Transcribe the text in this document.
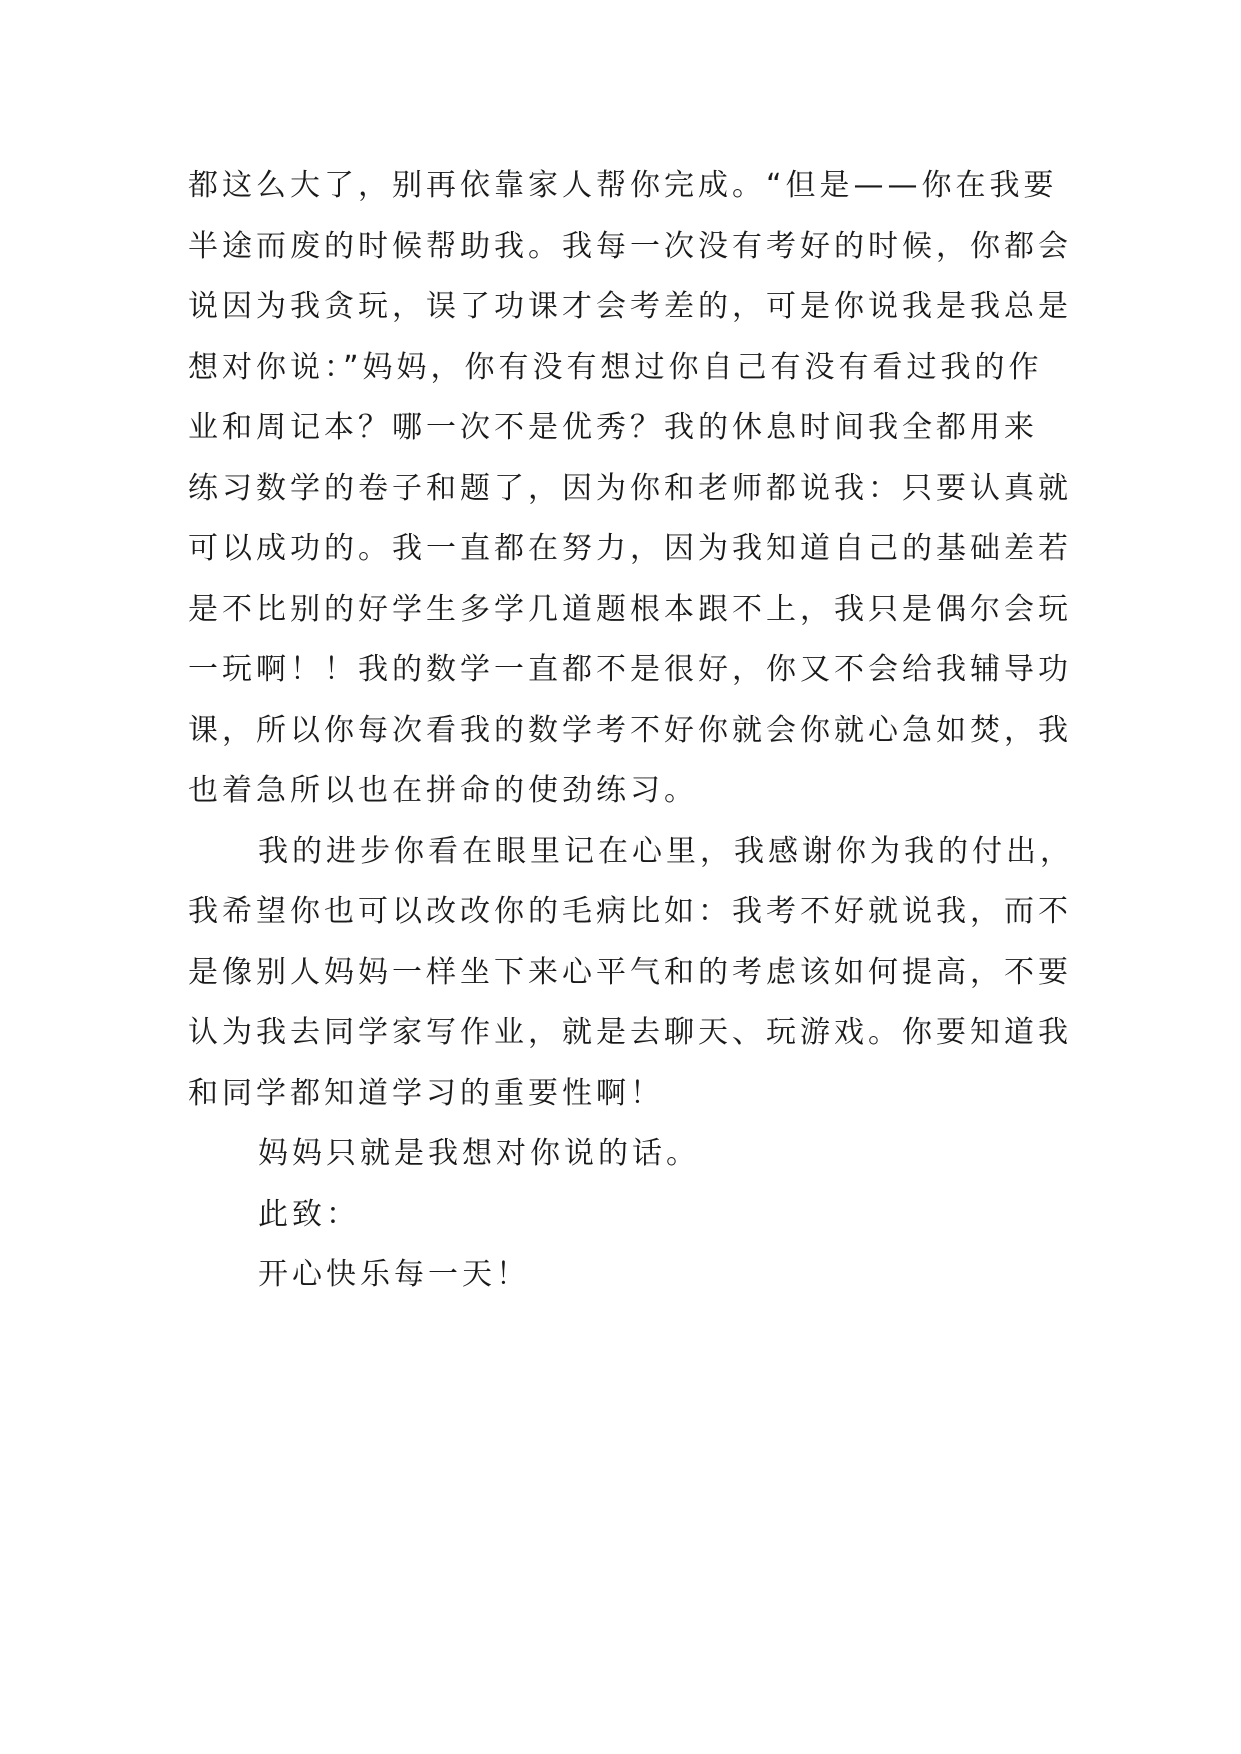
都这么大了，别再依靠家人帮你完成。“但是——你在我要
半途而废的时候帮助我。我每一次没有考好的时候，你都会
说因为我贪玩，误了功课才会考差的，可是你说我是我总是
想对你说：”妈妈，你有没有想过你自己有没有看过我的作
业和周记本？哪一次不是优秀？我的休息时间我全都用来
练习数学的卷子和题了，因为你和老师都说我：只要认真就
可以成功的。我一直都在努力，因为我知道自己的基础差若
是不比别的好学生多学几道题根本跟不上，我只是偶尔会玩
一玩啊！！我的数学一直都不是很好，你又不会给我辅导功
课，所以你每次看我的数学考不好你就会你就心急如焚，我
也着急所以也在拼命的使劲练习。
我的进步你看在眼里记在心里，我感谢你为我的付出，
我希望你也可以改改你的毛病比如：我考不好就说我，而不
是像别人妈妈一样坐下来心平气和的考虑该如何提高，不要
认为我去同学家写作业，就是去聊天、玩游戏。你要知道我
和同学都知道学习的重要性啊！
妈妈只就是我想对你说的话。
此致：
开心快乐每一天！
